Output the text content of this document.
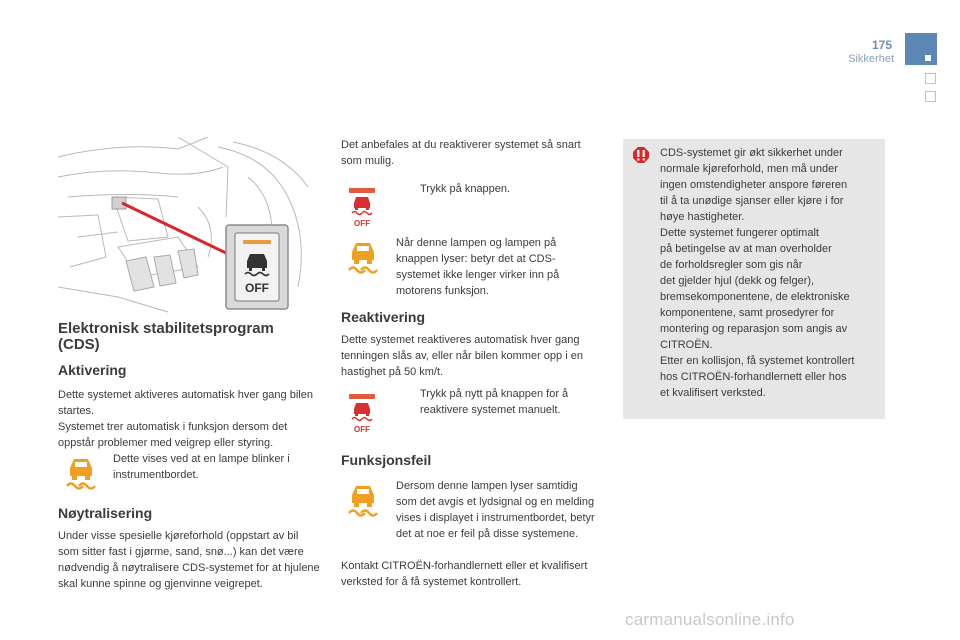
175
Sikkerhet
OFF
Elektronisk stabilitetsprogram (CDS)
Aktivering
Dette systemet aktiveres automatisk hver gang bilen startes.
Systemet trer automatisk i funksjon dersom det oppstår problemer med veigrep eller styring.
Dette vises ved at en lampe blinker i instrumentbordet.
Nøytralisering
Under visse spesielle kjøreforhold (oppstart av bil som sitter fast i gjørme, sand, snø...) kan det være nødvendig å nøytralisere CDS-systemet for at hjulene skal kunne spinne og gjenvinne veigrepet.
Det anbefales at du reaktiverer systemet så snart som mulig.
OFF
Trykk på knappen.
Når denne lampen og lampen på knappen lyser: betyr det at CDS-systemet ikke lenger virker inn på motorens funksjon.
Reaktivering
Dette systemet reaktiveres automatisk hver gang tenningen slås av, eller når bilen kommer opp i en hastighet på 50 km/t.
OFF
Trykk på nytt på knappen for å reaktivere systemet manuelt.
Funksjonsfeil
Dersom denne lampen lyser samtidig som det avgis et lydsignal og en melding vises i displayet i instrumentbordet, betyr det at noe er feil på disse systemene.
Kontakt CITROËN-forhandlernett eller et kvalifisert verksted for å få systemet kontrollert.
CDS-systemet gir økt sikkerhet under
normale kjøreforhold, men må under
ingen omstendigheter anspore føreren
til å ta unødige sjanser eller kjøre i for
høye hastigheter.
Dette systemet fungerer optimalt
på betingelse av at man overholder
de forholdsregler som gis når
det gjelder hjul (dekk og felger),
bremsekomponentene, de elektroniske
komponentene, samt prosedyrer for
montering og reparasjon som angis av
CITROËN.
Etter en kollisjon, få systemet kontrollert
hos CITROËN-forhandlernett eller hos
et kvalifisert verksted.
carmanualsonline.info
